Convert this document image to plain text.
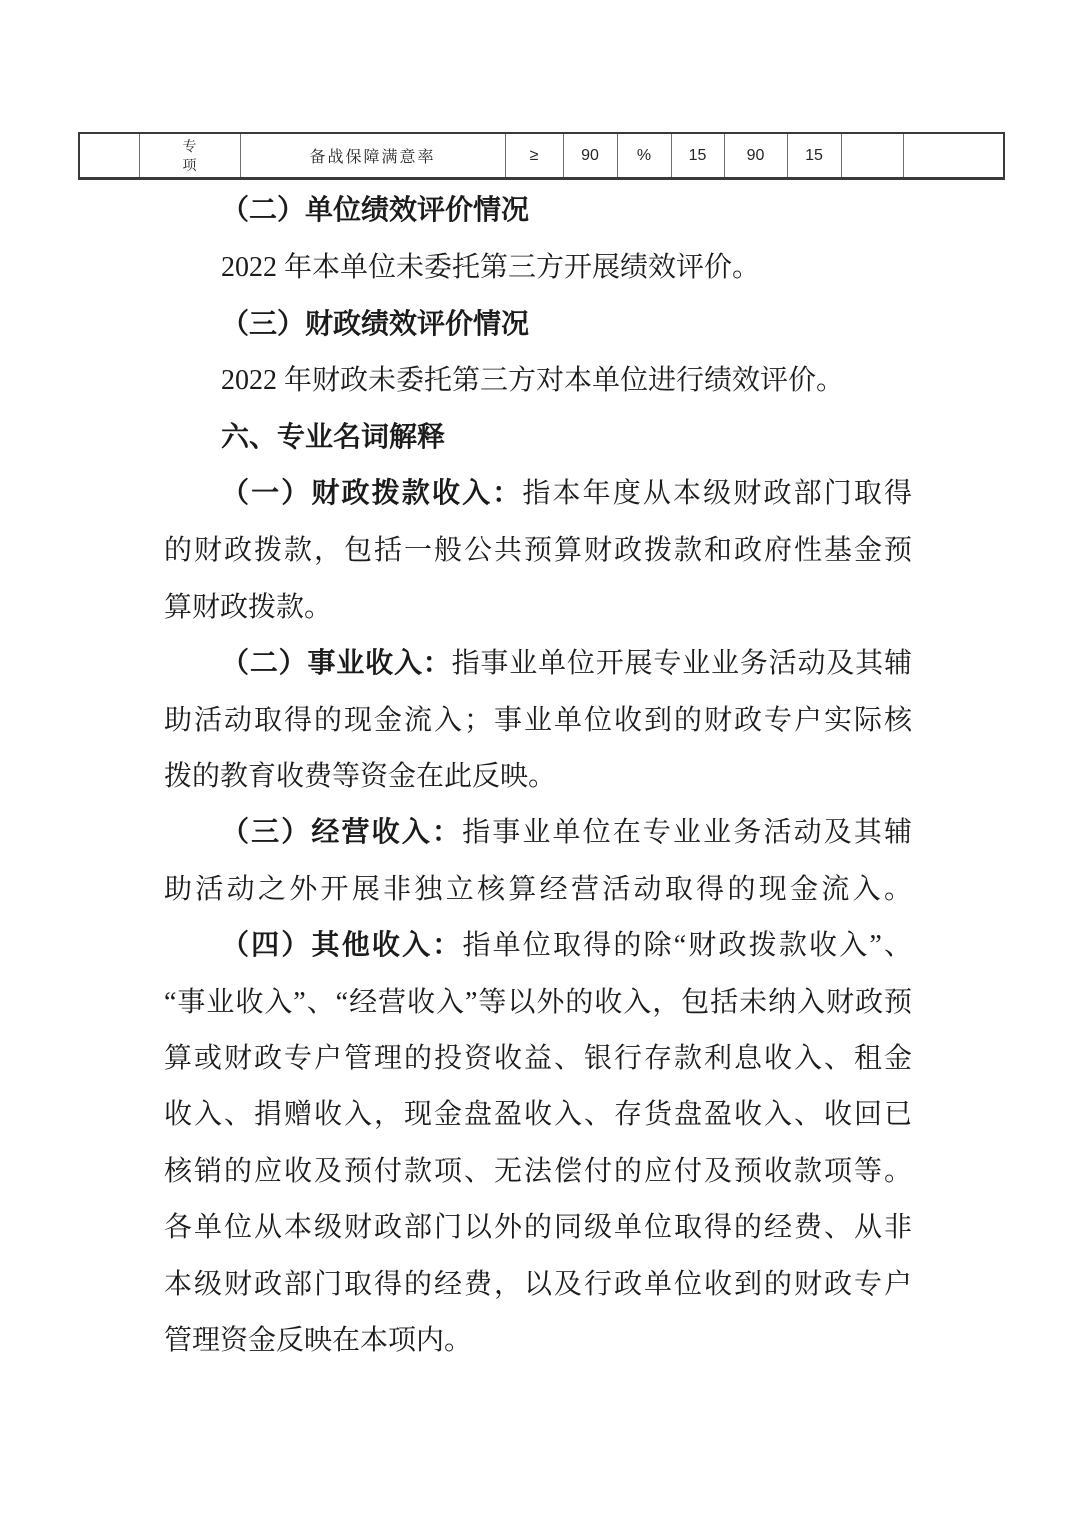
	专项	备战保障满意率	≥	90	%	15	90	15		
（二）单位绩效评价情况
2022 年本单位未委托第三方开展绩效评价。
（三）财政绩效评价情况
2022 年财政未委托第三方对本单位进行绩效评价。
六、专业名词解释
（一）财政拨款收入：指本年度从本级财政部门取得
的财政拨款，包括一般公共预算财政拨款和政府性基金预
算财政拨款。
（二）事业收入：指事业单位开展专业业务活动及其辅
助活动取得的现金流入；事业单位收到的财政专户实际核
拨的教育收费等资金在此反映。
（三）经营收入：指事业单位在专业业务活动及其辅
助活动之外开展非独立核算经营活动取得的现金流入。
（四）其他收入：指单位取得的除“财政拨款收入”、
“事业收入”、“经营收入”等以外的收入，包括未纳入财政预
算或财政专户管理的投资收益、银行存款利息收入、租金
收入、捐赠收入，现金盘盈收入、存货盘盈收入、收回已
核销的应收及预付款项、无法偿付的应付及预收款项等。
各单位从本级财政部门以外的同级单位取得的经费、从非
本级财政部门取得的经费，以及行政单位收到的财政专户
管理资金反映在本项内。
